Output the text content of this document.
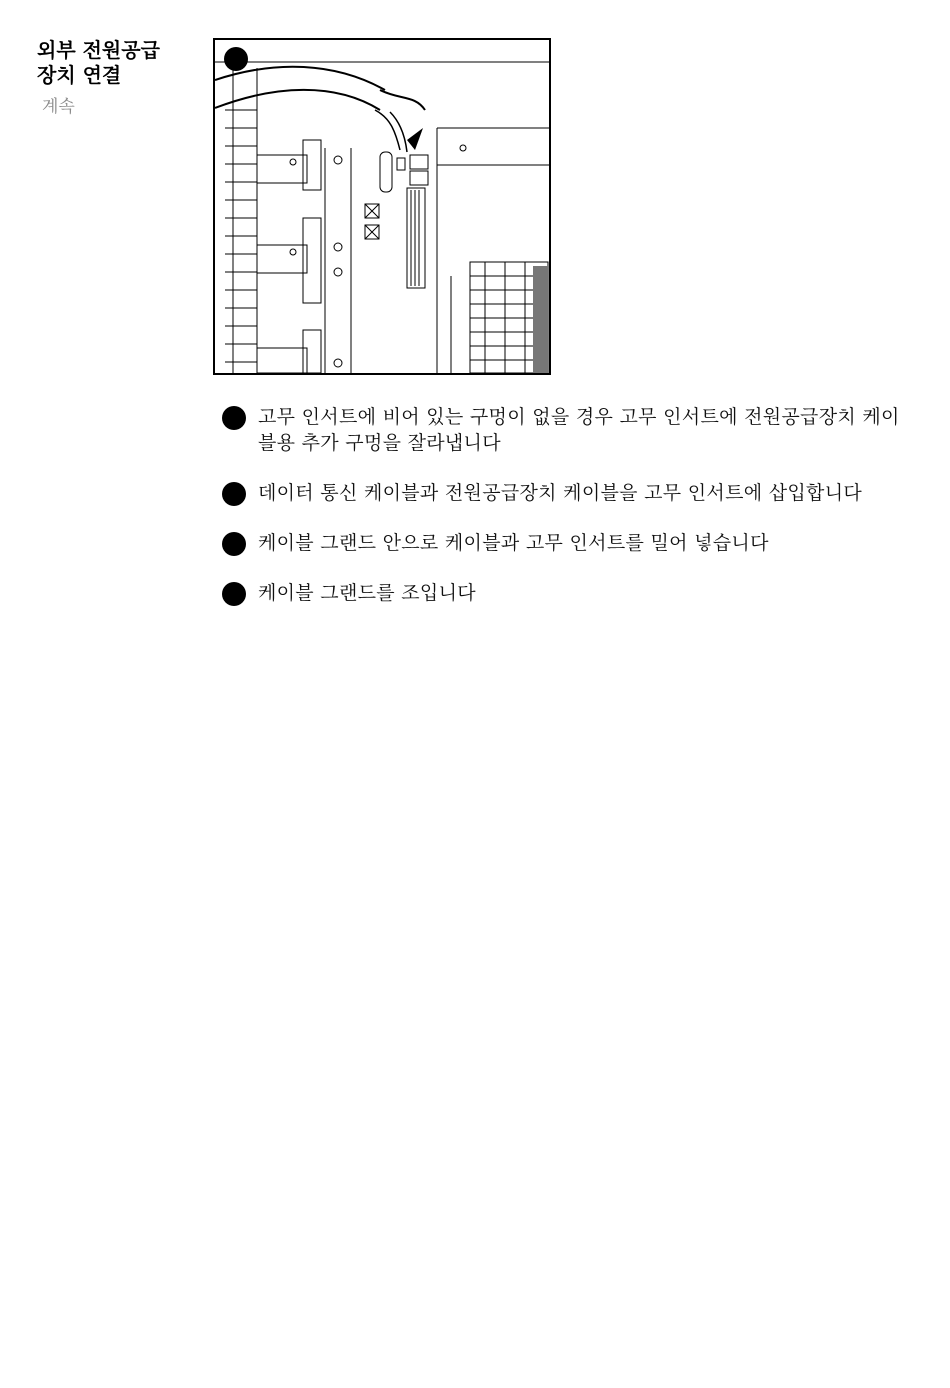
외부 전원공급
장치 연결

계속

고무 인서트에 비어 있는 구멍이 없을 경우 고무 인서트에 전원공급장치 케이블용 추가 구멍을 잘라냅니다
데이터 통신 케이블과 전원공급장치 케이블을 고무 인서트에 삽입합니다
케이블 그랜드 안으로 케이블과 고무 인서트를 밀어 넣습니다
케이블 그랜드를 조입니다
